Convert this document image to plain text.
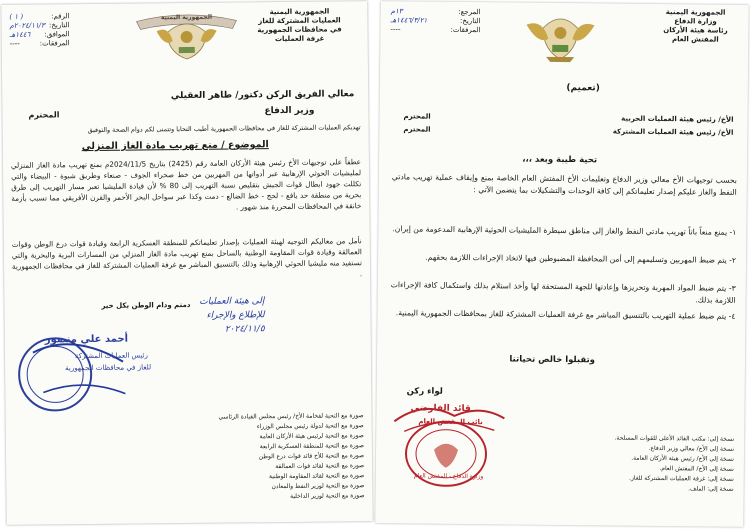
الجمهورية اليمنية
العمليات المشتركة للغاز
في محافظات الجمهورية
غرفة العمليات
الجمهورية اليمنية
الرقم:
( ١ )
التاريخ:
٢٠٢٤/١١/٣م
الموافق:
١٤٤٦هـ
المرفقات:
----
معالي الفريق الركن دكتور/ طاهر العقيلي
وزير الدفاع
المحترم
تهديكم العمليات المشتركة للغاز في محافظات الجمهورية أطيب التحايا وتتمنى لكم دوام الصحة والتوفيق
الموضوع / منع تهريب مادة الغاز المنزلي
عطفاً على توجيهات الأخ رئيس هيئة الأركان العامة رقم (2425) بتاريخ 2024/11/5م بمنع تهريب مادة الغاز المنزلي لمليشيات الحوثي الإرهابية عبر أدواتها من المهربين من خط صحراء الجوف - صنعاء وطريق شبوة - البيضاء والتي تكللت جهود ابطال قوات الجيش بتقليص نسبة التهريب إلى 80 % لأن قيادة المليشيا تعبر مسار التهريب إلى طرق بحرية من منطقة حد يافع - لحج - خط الضالع - دمت وكذا عبر سواحل البحر الأحمر والقرن الأفريقي مما تسبب بأزمة خانقة في المحافظات المحررة منذ شهور .
نأمل من معاليكم التوجيه لهيئة العمليات بإصدار تعليماتكم للمنطقة العسكرية الرابعة وقيادة قوات درع الوطن وقوات العمالقة وقيادة قوات المقاومة الوطنية بالساحل بمنع تهريب مادة الغاز المنزلي من المسارات البرية والبحرية والتي تستفيد منه مليشيا الحوثي الإرهابية وذلك بالتنسيق المباشر مع غرفة العمليات المشتركة للغاز في محافظات الجمهورية .
دمتم ودام الوطن بكل خير إلى هيئة العمليات
للإطلاع والإجراء
٢٠٢٤/١١/٥
أحمد علي منصور
رئيس العمليات المشتركة
للغاز في محافظات الجمهورية
صورة مع التحية لفخامة الأخ/ رئيس مجلس القيادة الرئاسي
صورة مع التحية لدولة رئيس مجلس الوزراء
صورة مع التحية لرئيس هيئة الأركان العامة
صورة مع التحية للمنطقة العسكرية الرابعة
صورة مع التحية للأخ قائد قوات درع الوطن
صورة مع التحية لقائد قوات العمالقة
صورة مع التحية لقائد المقاومة الوطنية
صورة مع التحية لوزير النفط والمعادن
صورة مع التحية لوزير الداخلية
الجمهورية اليمنية
وزارة الدفاع
رئاسة هيئة الأركان
المفتش العام
المرجع:
١٣م
التاريخ:
١٤٤٦/٣/٢١هـ
المرفقات:
----
(تعميم)
الأخ/ رئيس هيئة العمليات الحربية
المحترم
الأخ/ رئيس هيئة العمليات المشتركة
المحترم
تحية طيبة وبعد ،،،
بحسب توجيهات الأخ معالي وزير الدفاع وتعليمات الأخ المفتش العام الخاصة بمنع وإيقاف عملية تهريب مادتي النفط والغاز عليكم إصدار تعليماتكم إلى كافة الوحدات والتشكيلات بما يتضمن الآتي :
١- يمنع منعاً باتاً تهريب مادتي النفط والغاز إلى مناطق سيطرة المليشيات الحوثية الإرهابية المدعومة من إيران.
٢- يتم ضبط المهربين وتسليمهم إلى أمن المحافظة المضبوطين فيها لاتخاذ الإجراءات اللازمة بحقهم.
٣- يتم ضبط المواد المهربة وتحريزها وإعادتها للجهة المستحقة لها وأخذ استلام بذلك واستكمال كافة الإجراءات اللازمة بذلك.
٤- يتم ضبط عملية التهريب بالتنسيق المباشر مع غرفة العمليات المشتركة للغاز بمحافظات الجمهورية اليمنية.
وتقبلوا خالص تحياتنا
لواء ركن
قائد الفارضي
نائب المفتش العام
وزارة الدفاع - المفتش العام
نسخة إلى: مكتب القائد الأعلى للقوات المسلحة.
نسخة إلى الأخ/ معالي وزير الدفاع.
نسخة إلى الأخ/ رئيس هيئة الأركان العامة.
نسخة إلى الأخ/ المفتش العام.
نسخة إلى: غرفة العمليات المشتركة للغاز.
نسخة إلى: الملف.
